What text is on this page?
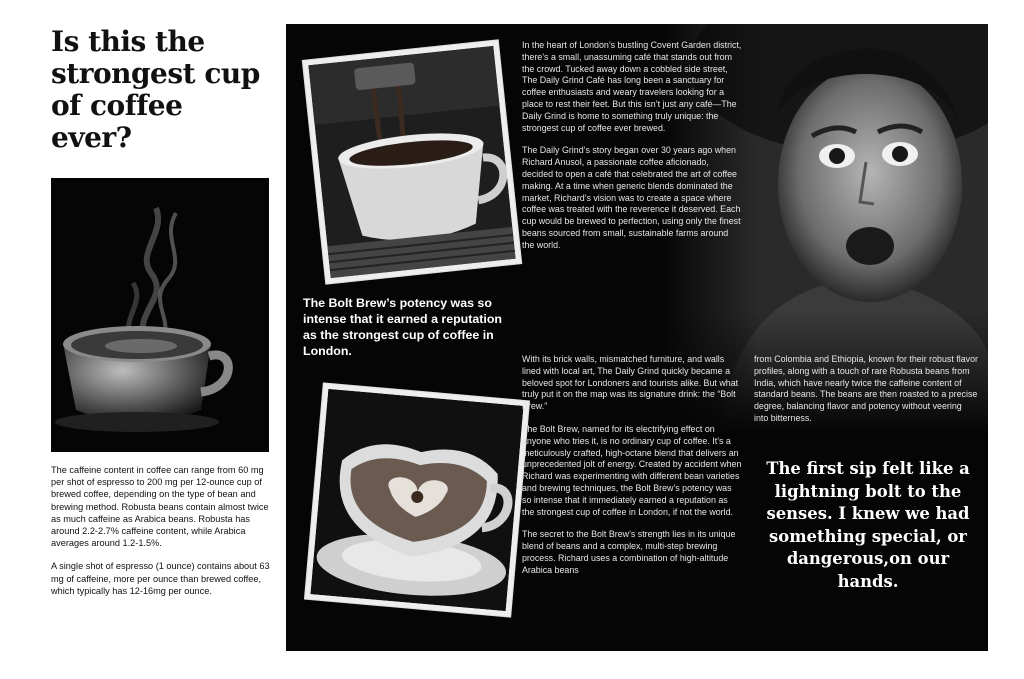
Is this the strongest cup of coffee ever?

The caffeine content in coffee can range from 60 mg per shot of espresso to 200 mg per 12-ounce cup of brewed coffee, depending on the type of bean and brewing method. Robusta beans contain almost twice as much caffeine as Arabica beans. Robusta has around 2.2-2.7% caffeine content, while Arabica averages around 1.2-1.5%.

A single shot of espresso (1 ounce) contains about 63 mg of caffeine, more per ounce than brewed coffee, which typically has 12-16mg per ounce.

The Bolt Brew’s potency was so intense that it earned a reputation as the strongest cup of coffee in London.

In the heart of London’s bustling Covent Garden district, there’s a small, unassuming café that stands out from the crowd. Tucked away down a cobbled side street, The Daily Grind Café has long been a sanctuary for coffee enthusiasts and weary travelers looking for a place to rest their feet. But this isn’t just any café—The Daily Grind is home to something truly unique: the strongest cup of coffee ever brewed.

The Daily Grind’s story began over 30 years ago when Richard Anusol, a passionate coffee aficionado, decided to open a café that celebrated the art of coffee making. At a time when generic blends dominated the market, Richard’s vision was to create a space where coffee was treated with the reverence it deserved. Each cup would be brewed to perfection, using only the finest beans sourced from small, sustainable farms around the world.

With its brick walls, mismatched furniture, and walls lined with local art, The Daily Grind quickly became a beloved spot for Londoners and tourists alike. But what truly put it on the map was its signature drink: the “Bolt Brew.”

The Bolt Brew, named for its electrifying effect on anyone who tries it, is no ordinary cup of coffee. It’s a meticulously crafted, high-octane blend that delivers an unprecedented jolt of energy. Created by accident when Richard was experimenting with different bean varieties and brewing techniques, the Bolt Brew’s potency was so intense that it immediately earned a reputation as the strongest cup of coffee in London, if not the world.

The secret to the Bolt Brew’s strength lies in its unique blend of beans and a complex, multi-step brewing process. Richard uses a combination of high-altitude Arabica beans

from Colombia and Ethiopia, known for their robust flavor profiles, along with a touch of rare Robusta beans from India, which have nearly twice the caffeine content of standard beans. The beans are then roasted to a precise degree, balancing flavor and potency without veering into bitterness.

The first sip felt like a lightning bolt to the senses. I knew we had something special, or dangerous,on our hands.
